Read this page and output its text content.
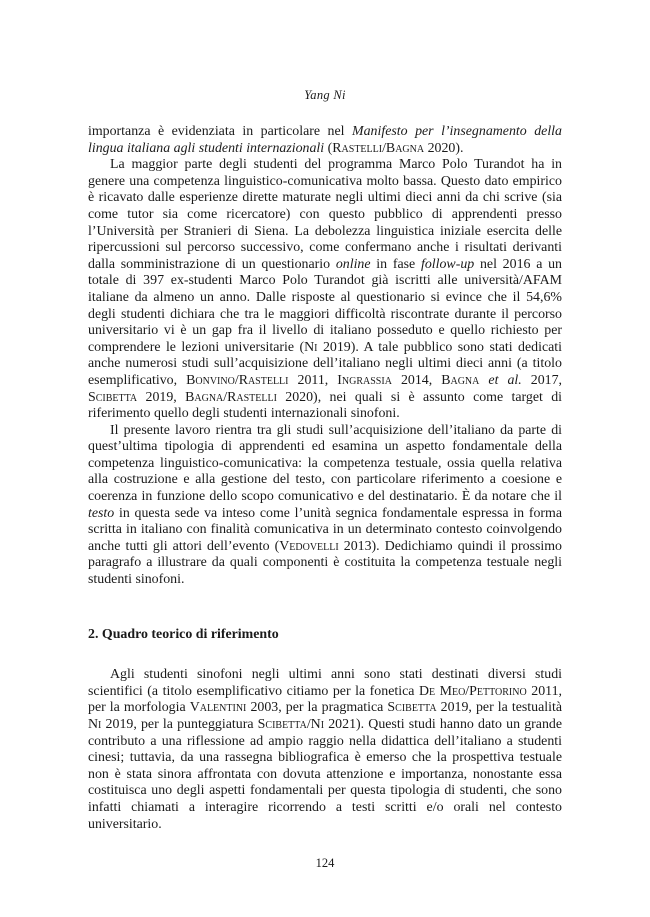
Yang Ni

importanza è evidenziata in particolare nel Manifesto per l’insegnamento della lingua italiana agli studenti internazionali (Rastelli/Bagna 2020).

La maggior parte degli studenti del programma Marco Polo Turandot ha in genere una competenza linguistico-comunicativa molto bassa. Questo dato empirico è ricavato dalle esperienze dirette maturate negli ultimi dieci anni da chi scrive (sia come tutor sia come ricercatore) con questo pubblico di apprendenti presso l’Università per Stranieri di Siena. La debolezza linguistica iniziale esercita delle ripercussioni sul percorso successivo, come confermano anche i risultati derivanti dalla somministrazione di un questionario online in fase follow-up nel 2016 a un totale di 397 ex-studenti Marco Polo Turandot già iscritti alle università/AFAM italiane da almeno un anno. Dalle risposte al questionario si evince che il 54,6% degli studenti dichiara che tra le maggiori difficoltà riscontrate durante il percorso universitario vi è un gap fra il livello di italiano posseduto e quello richiesto per comprendere le lezioni universitarie (Ni 2019). A tale pubblico sono stati dedicati anche numerosi studi sull’acquisizione dell’italiano negli ultimi dieci anni (a titolo esemplificativo, Bonvino/Rastelli 2011, Ingrassia 2014, Bagna et al. 2017, Scibetta 2019, Bagna/Rastelli 2020), nei quali si è assunto come target di riferimento quello degli studenti internazionali sinofoni.

Il presente lavoro rientra tra gli studi sull’acquisizione dell’italiano da parte di quest’ultima tipologia di apprendenti ed esamina un aspetto fondamentale della competenza linguistico-comunicativa: la competenza testuale, ossia quella relativa alla costruzione e alla gestione del testo, con particolare riferimento a coesione e coerenza in funzione dello scopo comunicativo e del destinatario. È da notare che il testo in questa sede va inteso come l’unità segnica fondamentale espressa in forma scritta in italiano con finalità comunicativa in un determinato contesto coinvolgendo anche tutti gli attori dell’evento (Vedovelli 2013). Dedichiamo quindi il prossimo paragrafo a illustrare da quali componenti è costituita la competenza testuale negli studenti sinofoni.

2. Quadro teorico di riferimento

Agli studenti sinofoni negli ultimi anni sono stati destinati diversi studi scientifici (a titolo esemplificativo citiamo per la fonetica De Meo/Pettorino 2011, per la morfologia Valentini 2003, per la pragmatica Scibetta 2019, per la testualità Ni 2019, per la punteggiatura Scibetta/Ni 2021). Questi studi hanno dato un grande contributo a una riflessione ad ampio raggio nella didattica dell’italiano a studenti cinesi; tuttavia, da una rassegna bibliografica è emerso che la prospettiva testuale non è stata sinora affrontata con dovuta attenzione e importanza, nonostante essa costituisca uno degli aspetti fondamentali per questa tipologia di studenti, che sono infatti chiamati a interagire ricorrendo a testi scritti e/o orali nel contesto universitario.

124
